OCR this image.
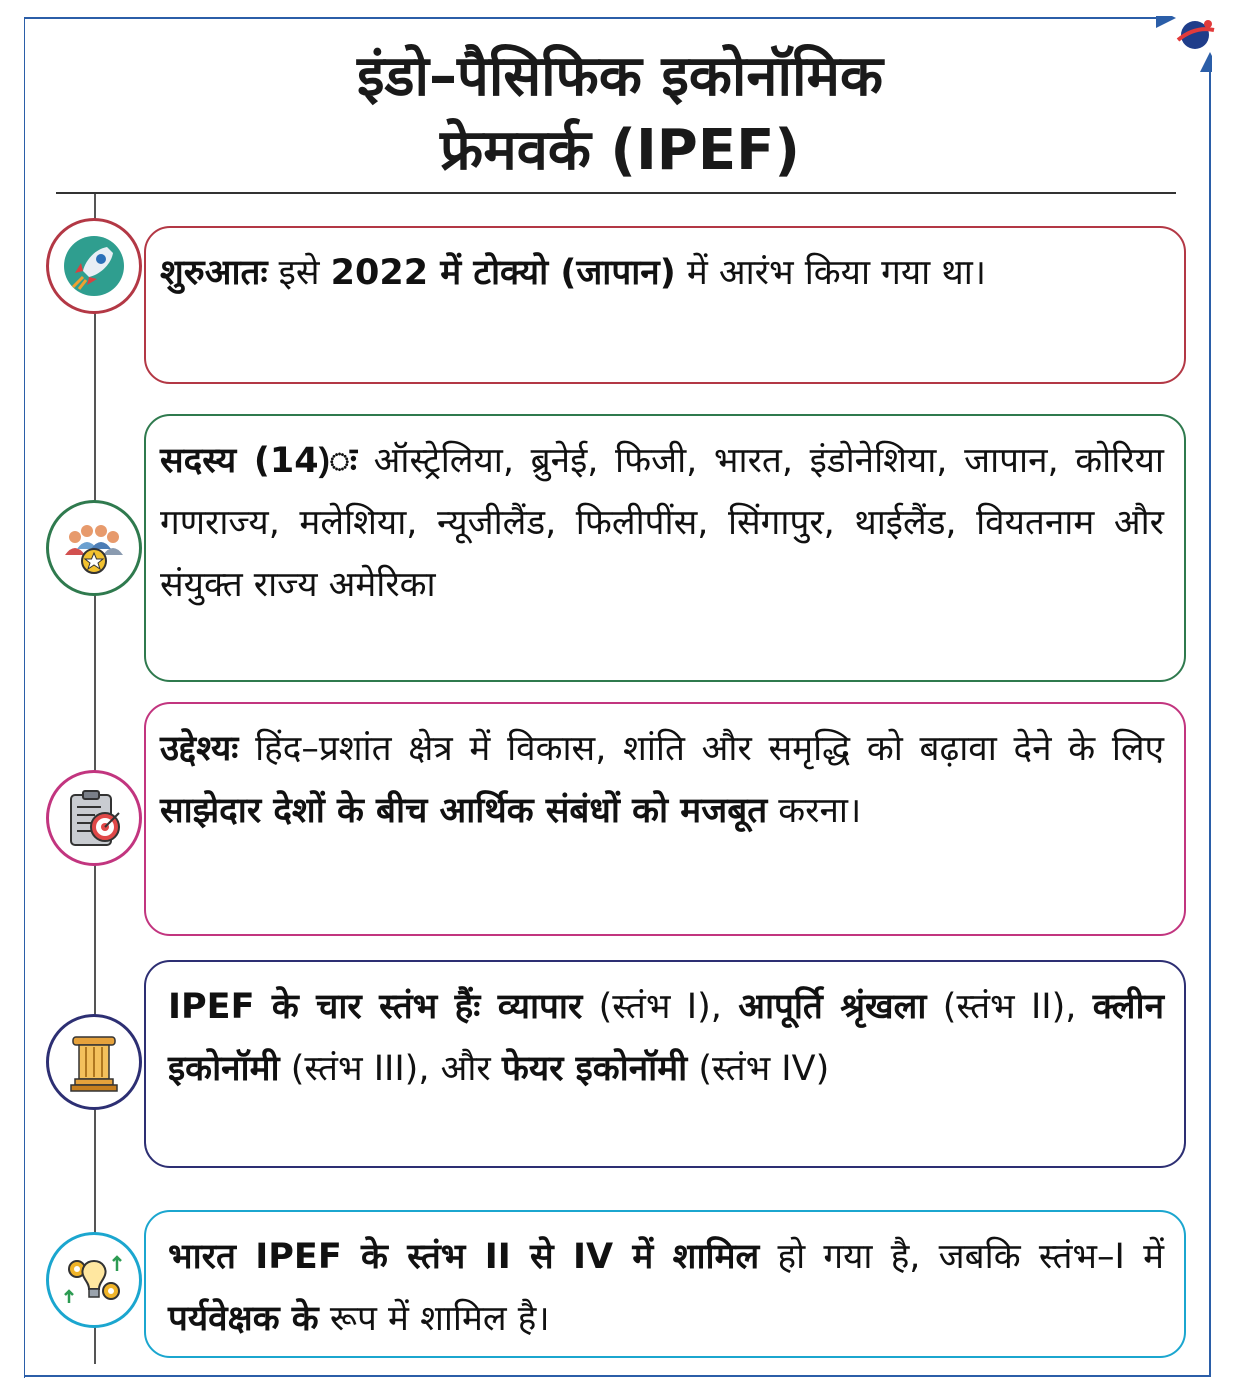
इंडो–पैसिफिक इकोनॉमिक
फ्रेमवर्क (IPEF)
शुरुआतः इसे 2022 में टोक्यो (जापान) में आरंभ किया गया था।
सदस्य (14)ः ऑस्ट्रेलिया, ब्रुनेई, फिजी, भारत, इंडोनेशिया, जापान, कोरिया गणराज्य, मलेशिया, न्यूजीलैंड, फिलीपींस, सिंगापुर, थाईलैंड, वियतनाम और संयुक्त राज्य अमेरिका
उद्देश्यः हिंद–प्रशांत क्षेत्र में विकास, शांति और समृद्धि को बढ़ावा देने के लिए साझेदार देशों के बीच आर्थिक संबंधों को मजबूत करना।
IPEF के चार स्तंभ हैंः व्यापार (स्तंभ I), आपूर्ति श्रृंखला (स्तंभ II), क्लीन इकोनॉमी (स्तंभ III), और फेयर इकोनॉमी (स्तंभ IV)
भारत IPEF के स्तंभ II से IV में शामिल हो गया है, जबकि स्तंभ–I में पर्यवेक्षक के रूप में शामिल है।
